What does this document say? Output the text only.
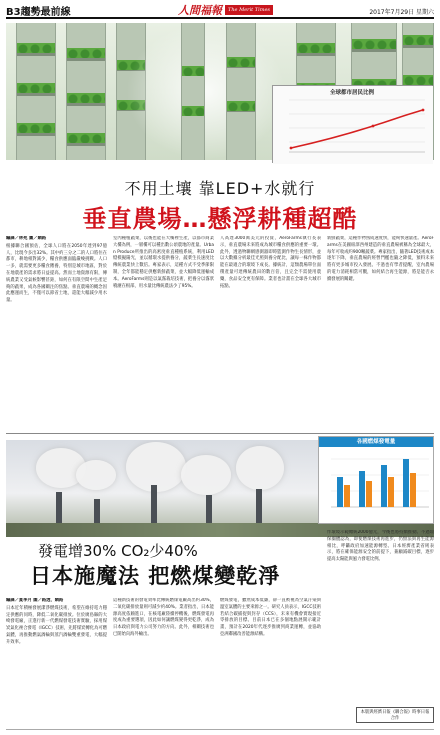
B3趨勢最前線	人間福報	The Merit Times	2017年7月29日 星期六
全球都市居民比例
不用土壤 靠LED+水就行
垂直農場…懸浮耕種超酷
編譯／林苑 圖／網路
根據聯合國預估，全球人口將在2050年達到97億人，比現今多出32%。其中約三分之二的人口將住在都市，耕地相對減少，糧食供應面臨嚴峻挑戰。人口一多，就需要更多糧食餵養，特別是城市地區，對於在地農產的需求將日益提高。然而土地資源有限，傳統農業又受氣候影響甚鉅，如何在有限空間中生產足夠的蔬果，成為各國關注的焦點。垂直農場的概念因此應運而生，不僅可以節省土地，還能大幅減少用水量。
室內種植蔬菜，以後也能在大樓裡生產，以都市商業大樓為例，一層樓可以種出數公頃農地的產量。Urban Produce所推出的高密度垂直種植系統，利用LED燈模擬陽光，並以循環水提供養分，蔬菜生長速度比傳統農業快上數倍。專家表示，這種方式不受季節限制，全年都能穩定供應新鮮蔬菜，並大幅降低運輸成本。AeroFarms則是以氣霧栽培技術，把養分以霧狀噴灑在根部，用水量比傳統農法少了95%。
人高達3000萬美元的投資，AeroFarms執行長表示，垂直農場未來將成為城市糧食供應的重要一環。此外，透過物聯網感測器即時監測作物生長情形，並以大數據分析最佳光照與養分配比，讓每一株作物都能在最適合的環境下成長。據統計，這類農場單位面積產量可達傳統農田的數百倍，且完全不需使用農藥，食品安全更有保障。業者也計畫在全球各大城市拓點。
新鮮蔬菜，這種作物熟成速度快，能夠快速量產。AeroFarms在美國紐澤西州建造的垂直農場被稱為全球最大，每年可收成約900噸蔬菜。專家指出，隨著LED技術成本逐年下降，垂直農場的經營門檻也隨之降低，預料未來將有更多城市投入發展。不過也有學者提醒，室內農場的電力消耗相當可觀，如何結合再生能源，將是能否永續發展的關鍵。
各國燃煤發電量
發電增30% CO₂少40%
日本施魔法 把燃煤變乾淨
編譯／夏季月 圖／路透、網路
日本近年積極發展潔淨燃煤技術，希望在維持電力穩定供應的同時，降低二氧化碳排放。位於廣島縣的大崎發電廠，正進行新一代燃煤發電技術實驗，採用煤炭氣化複合發電（IGCC）技術，先將煤炭轉化為可燃氣體，再推動燃氣渦輪與蒸汽渦輪雙重發電，大幅提升效率。
這種新技術的發電效率比傳統燃煤電廠高出約30%，二氧化碳排放量則可減少約40%。業者指出，日本能源高度依賴進口，在核電廠陸續停機後，燃煤發電再度成為重要選項，因此如何讓燃煤變得更乾淨，成為日本政府與電力公司努力的方向。此外，相關技術也已開始向海外輸出。
燃煤發電，雖然成本低廉，卻一直被視為空氣汙染與溫室氣體的主要來源之一。研究人員表示，IGCC技術若結合碳捕捉與封存（CCS），未來有機會實現接近零排放的目標。目前日本已在多個地點展開示範計畫，預計在2020年代逐步推廣到商業運轉，並協助亞洲鄰國改善能源結構。
作環境示範總統2000億元，今後也將持續推動。不過環保團體認為，即使燃煤技術再進步，仍無法與再生能源相比，呼籲政府加速能源轉型。日本經濟產業省則表示，將在確保能源安全的前提下，兼顧減碳目標，逐步提高太陽能與風力發電比例。
本版與經濟日報《聯合報》時事日報合作
